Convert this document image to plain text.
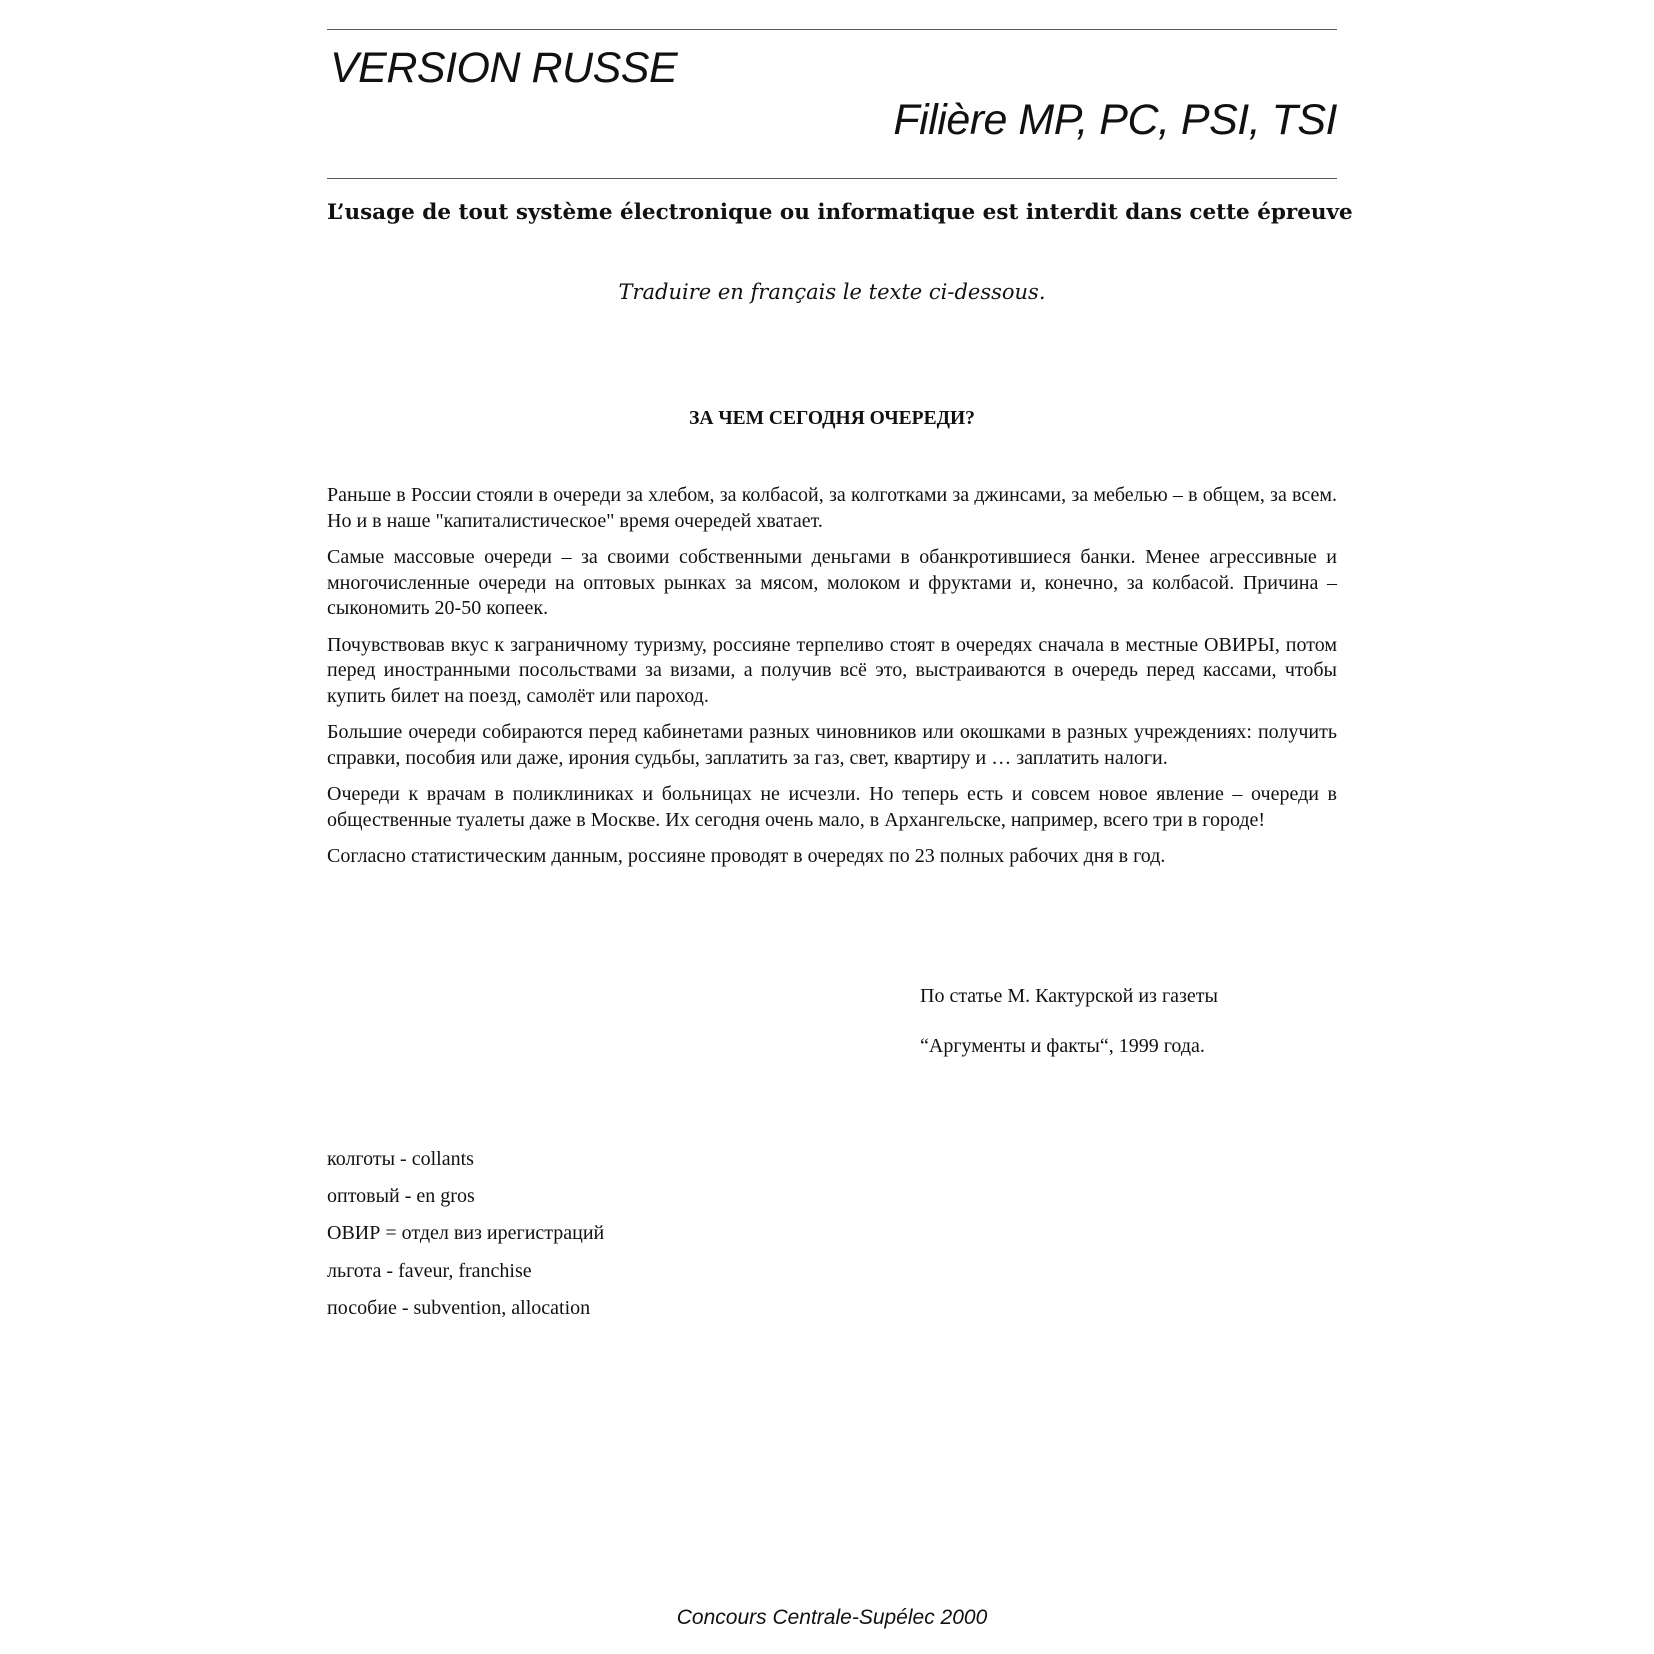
VERSION RUSSE
Filière MP, PC, PSI, TSI
L’usage de tout système électronique ou informatique est interdit dans cette épreuve
Traduire en français le texte ci-dessous.
ЗА ЧЕМ СЕГОДНЯ ОЧЕРЕДИ?

Раньше в России стояли в очереди за хлебом, за колбасой, за колготками за джинсами, за мебелью – в общем, за всем. Но и в наше "капиталистическое" время очередей хватает.

Самые массовые очереди – за своими собственными деньгами в обанкротившиеся банки. Менее агрессивные и многочисленные очереди на оптовых рынках за мясом, молоком и фруктами и, конечно, за колбасой. Причина – сыкономить 20-50 копеек.

Почувствовав вкус к заграничному туризму, россияне терпеливо стоят в очередях сначала в местные ОВИРЫ, потом перед иностранными посольствами за визами, а получив всё это, выстраиваются в очередь перед кассами, чтобы купить билет на поезд, самолёт или пароход.

Большие очереди собираются перед кабинетами разных чиновников или окошками в разных учреждениях: получить справки, пособия или даже, ирония судьбы, заплатить за газ, свет, квартиру и … заплатить налоги.

Очереди к врачам в поликлиниках и больницах не исчезли. Но теперь есть и совсем новое явление – очереди в общественные туалеты даже в Москве. Их сегодня очень мало, в Архангельске, например, всего три в городе!

Согласно статистическим данным, россияне проводят в очередях по 23 полных рабочих дня в год.

По статье М. Кактурской из газеты
“Аргументы и факты“, 1999 года.
колготы - collants
оптовый - en gros
ОВИР = отдел виз ирегистраций
льгота - faveur, franchise
пособие - subvention, allocation
Concours Centrale-Supélec 2000
